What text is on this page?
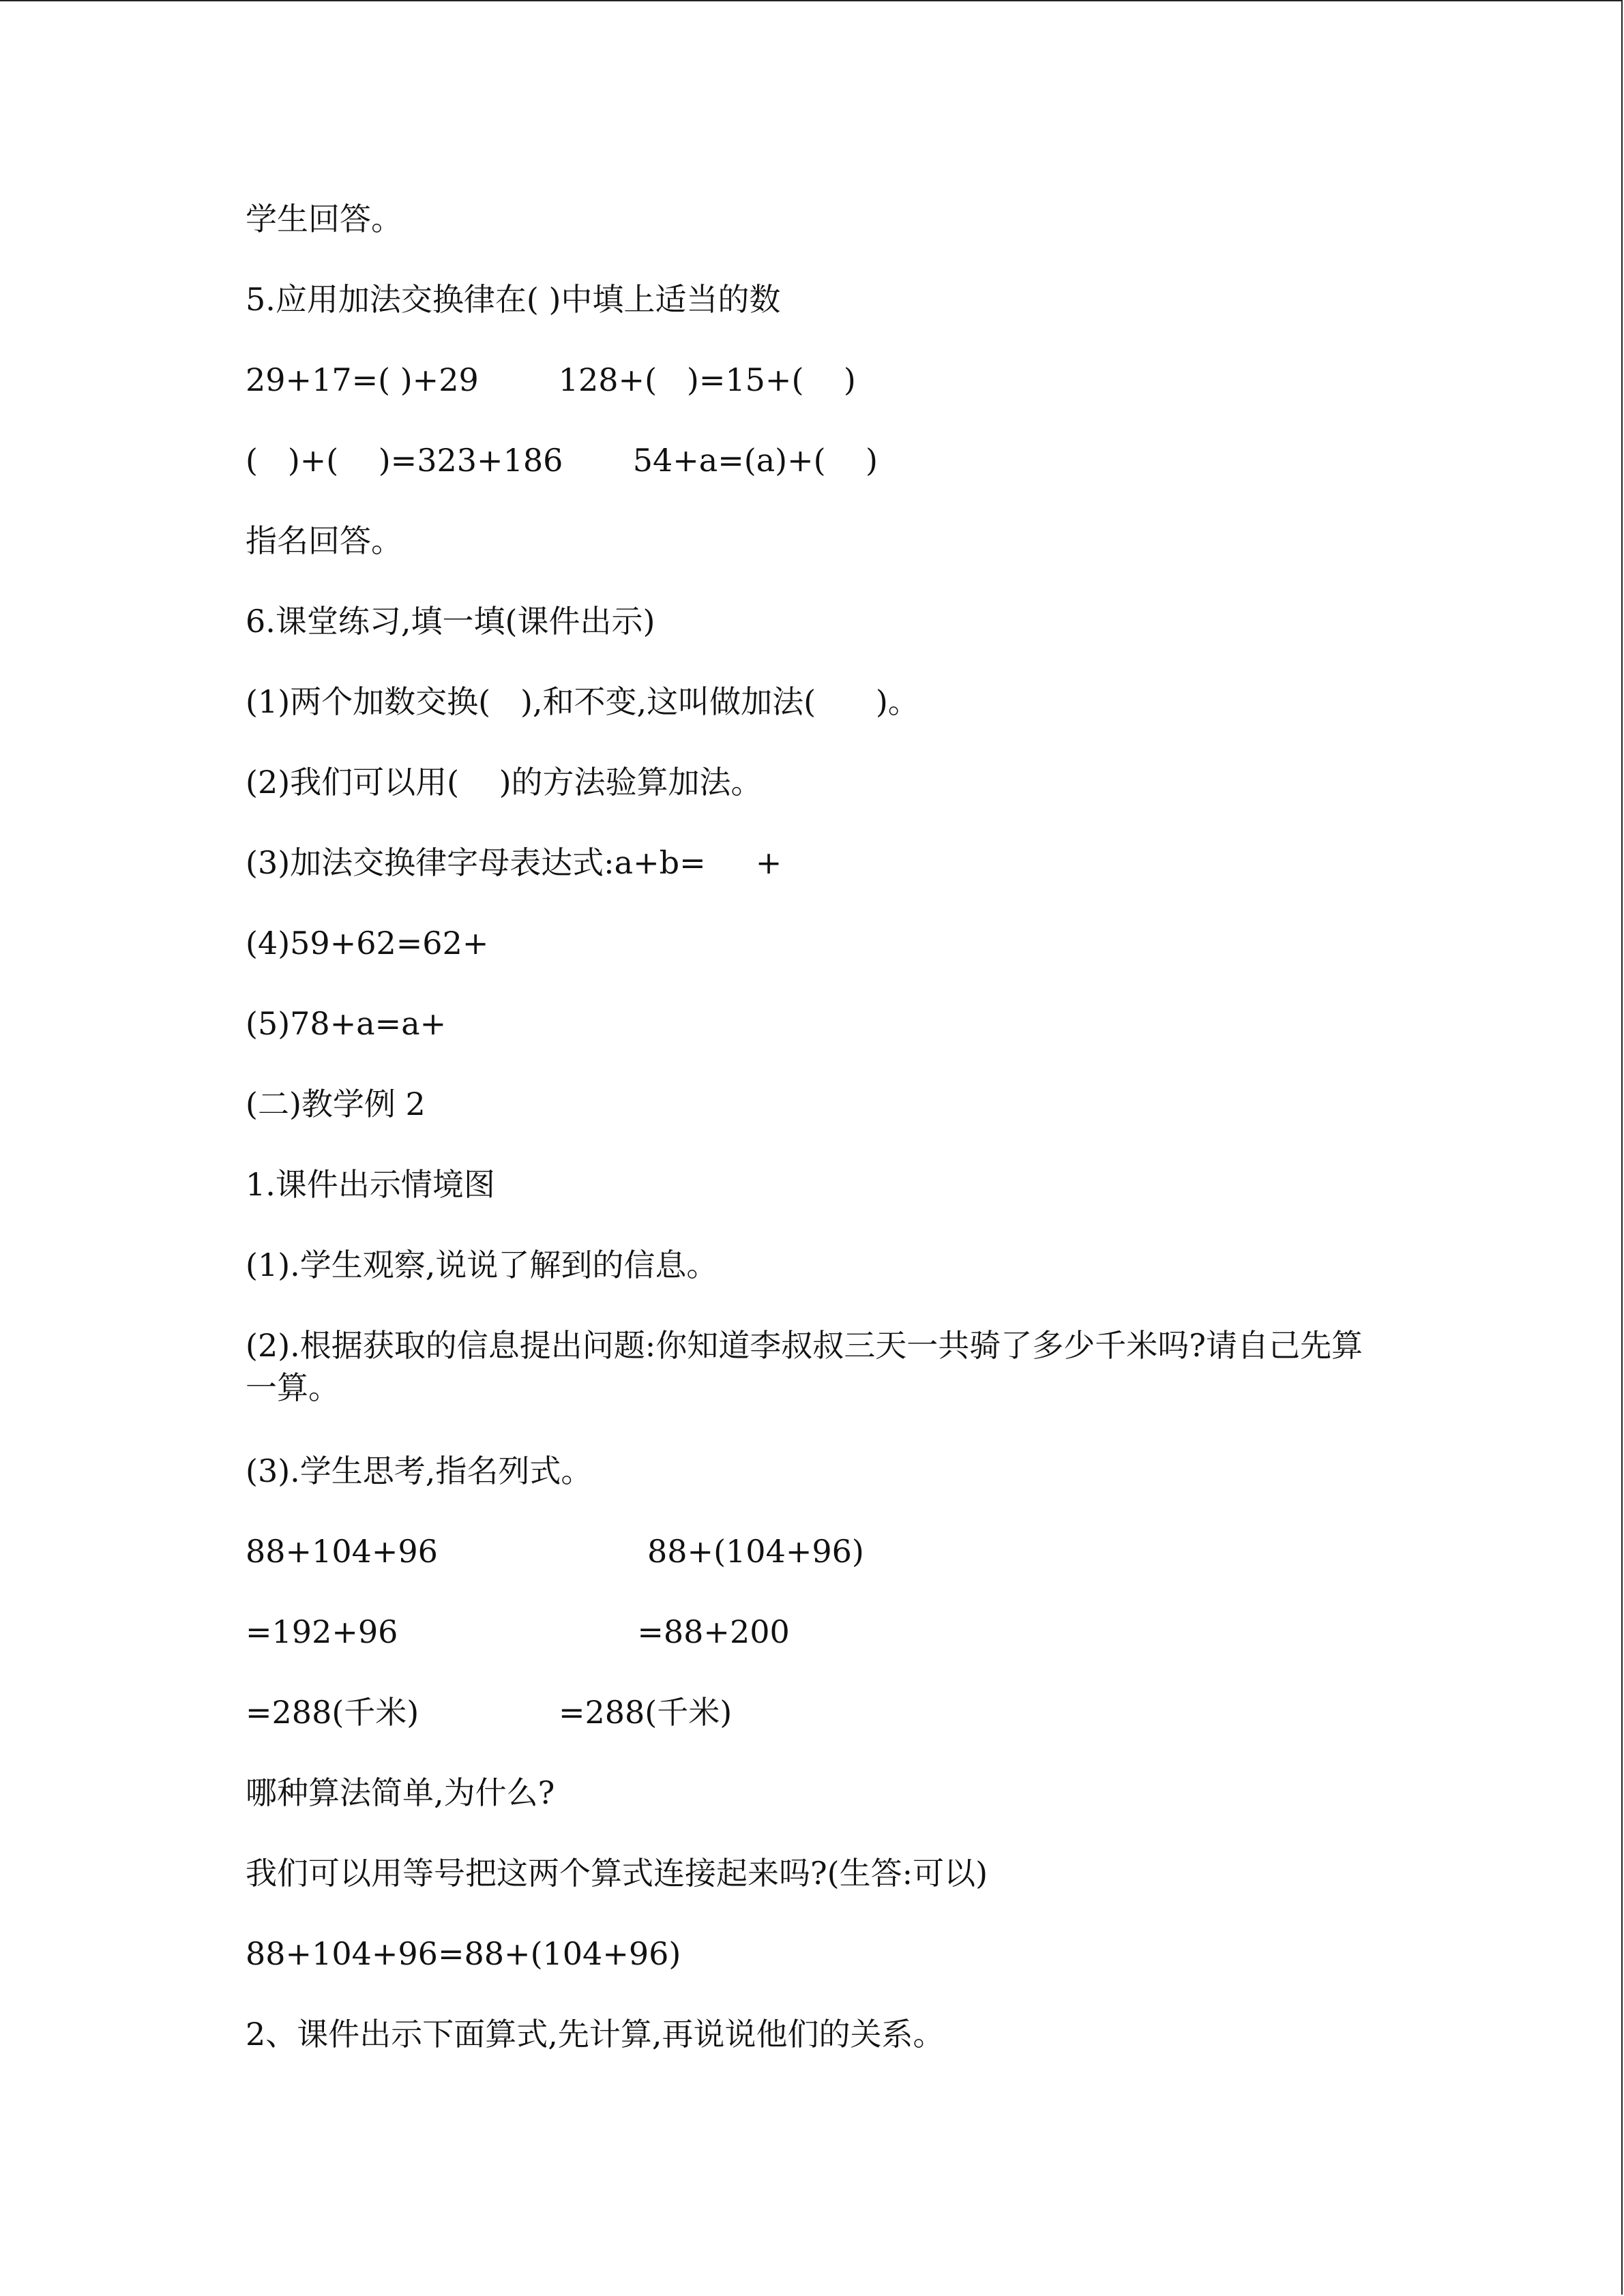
学生回答。
5.应用加法交换律在( )中填上适当的数
29+17=( )+29        128+(   )=15+(    )
(   )+(    )=323+186       54+a=(a)+(    )
指名回答。
6.课堂练习,填一填(课件出示)
(1)两个加数交换(   ),和不变,这叫做加法(      )。
(2)我们可以用(    )的方法验算加法。
(3)加法交换律字母表达式:a+b=     +
(4)59+62=62+
(5)78+a=a+
(二)教学例 2
1.课件出示情境图
(1).学生观察,说说了解到的信息。
(2).根据获取的信息提出问题:你知道李叔叔三天一共骑了多少千米吗?请自己先算一算。
(3).学生思考,指名列式。
88+104+96                     88+(104+96)
=192+96                        =88+200
=288(千米)              =288(千米)
哪种算法简单,为什么?
我们可以用等号把这两个算式连接起来吗?(生答:可以)
88+104+96=88+(104+96)
2、课件出示下面算式,先计算,再说说他们的关系。
